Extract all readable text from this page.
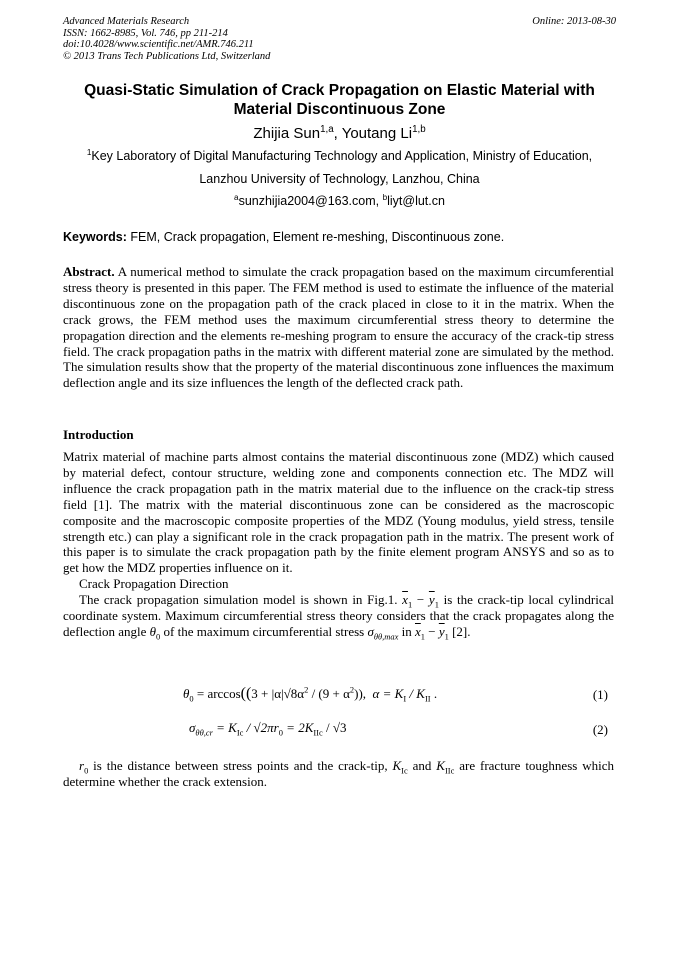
Advanced Materials Research
ISSN: 1662-8985, Vol. 746, pp 211-214
doi:10.4028/www.scientific.net/AMR.746.211
© 2013 Trans Tech Publications Ltd, Switzerland
Online: 2013-08-30
Quasi-Static Simulation of Crack Propagation on Elastic Material with
Material Discontinuous Zone
Zhijia Sun$^{1,a}$, Youtang Li$^{1,b}$
$^1$Key Laboratory of Digital Manufacturing Technology and Application, Ministry of Education,
Lanzhou University of Technology, Lanzhou, China
$^a$sunzhijia2004@163.com, $^b$liyt@lut.cn
Keywords: FEM, Crack propagation, Element re-meshing, Discontinuous zone.
Abstract. A numerical method to simulate the crack propagation based on the maximum circumferential stress theory is presented in this paper. The FEM method is used to estimate the influence of the material discontinuous zone on the propagation path of the crack placed in close to it in the matrix. When the crack grows, the FEM method uses the maximum circumferential stress theory to determine the propagation direction and the elements re-meshing program to ensure the accuracy of the crack-tip stress field. The crack propagation paths in the matrix with different material zone are simulated by the method. The simulation results show that the property of the material discontinuous zone influences the maximum deflection angle and its size influences the length of the deflected crack path.
Introduction
Matrix material of machine parts almost contains the material discontinuous zone (MDZ) which caused by material defect, contour structure, welding zone and components connection etc. The MDZ will influence the crack propagation path in the matrix material due to the influence on the crack-tip stress field [1]. The matrix with the material discontinuous zone can be considered as the macroscopic composite and the macroscopic composite properties of the MDZ (Young modulus, yield stress, tensile strength etc.) can play a significant role in the crack propagation path in the matrix. The present work of this paper is to simulate the crack propagation path by the finite element program ANSYS and so as to get how the MDZ properties influence on it.
Crack Propagation Direction
The crack propagation simulation model is shown in Fig.1. $\overline{x}_1 - \overline{y}_1$ is the crack-tip local cylindrical coordinate system. Maximum circumferential stress theory considers that the crack propagates along the deflection angle $\theta_0$ of the maximum circumferential stress $\sigma_{\theta\theta,max}$ in $\overline{x}_1 - \overline{y}_1$ [2].
$\theta_0 = \arccos((3 + |\alpha|√8\alpha^2 / (9 + \alpha^2))$, $\alpha = K_I / K_{II}$ .	(1)
$\sigma_{\theta\theta,cr} = K_{Ic} / √2\pi r_0 = 2K_{IIc} / √3$	(2)
$r_0$ is the distance between stress points and the crack-tip, $K_{Ic}$ and $K_{IIc}$ are fracture toughness which determine whether the crack extension.
